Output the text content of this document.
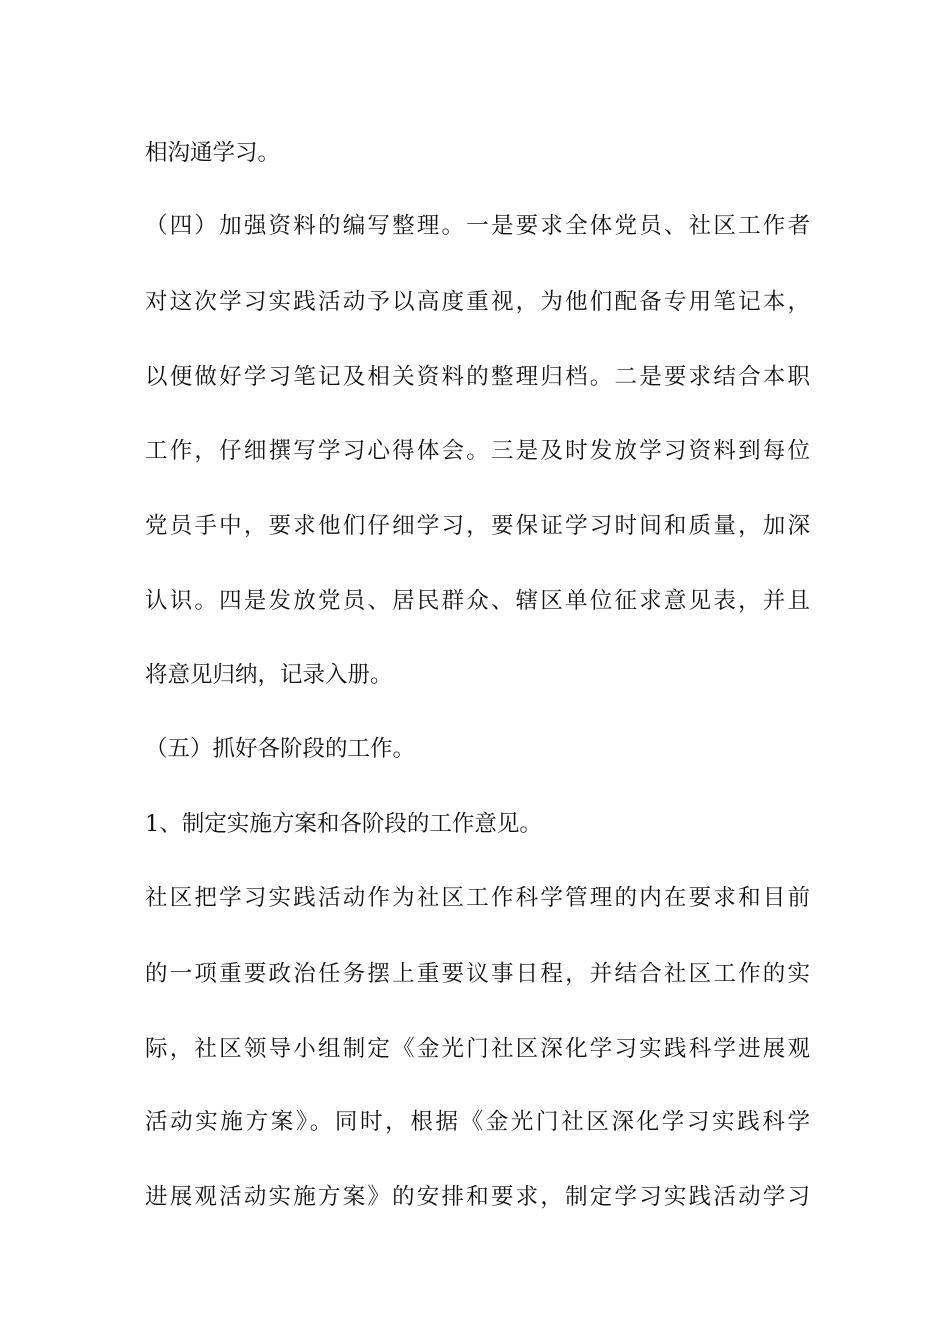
相沟通学习。
（四）加强资料的编写整理。一是要求全体党员、社区工作者
对这次学习实践活动予以高度重视，为他们配备专用笔记本，
以便做好学习笔记及相关资料的整理归档。二是要求结合本职
工作，仔细撰写学习心得体会。三是及时发放学习资料到每位
党员手中，要求他们仔细学习，要保证学习时间和质量，加深
认识。四是发放党员、居民群众、辖区单位征求意见表，并且
将意见归纳，记录入册。
（五）抓好各阶段的工作。
1、制定实施方案和各阶段的工作意见。
社区把学习实践活动作为社区工作科学管理的内在要求和目前
的一项重要政治任务摆上重要议事日程，并结合社区工作的实
际，社区领导小组制定《金光门社区深化学习实践科学进展观
活动实施方案》。同时，根据《金光门社区深化学习实践科学
进展观活动实施方案》的安排和要求，制定学习实践活动学习
